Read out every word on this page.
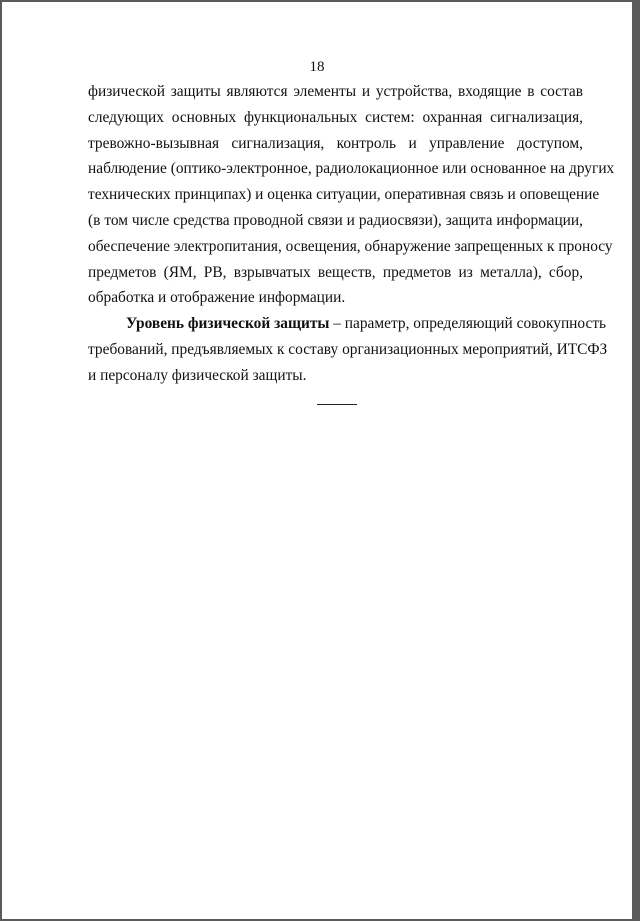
18
физической защиты являются элементы и устройства, входящие в состав
следующих основных функциональных систем: охранная сигнализация,
тревожно-вызывная сигнализация, контроль и управление доступом,
наблюдение (оптико-электронное, радиолокационное или основанное на других
технических принципах) и оценка ситуации, оперативная связь и оповещение
(в том числе средства проводной связи и радиосвязи), защита информации,
обеспечение электропитания, освещения, обнаружение запрещенных к проносу
предметов (ЯМ, РВ, взрывчатых веществ, предметов из металла), сбор,
обработка и отображение информации.
Уровень физической защиты – параметр, определяющий совокупность
требований, предъявляемых к составу организационных мероприятий, ИТСФЗ
и персоналу физической защиты.
